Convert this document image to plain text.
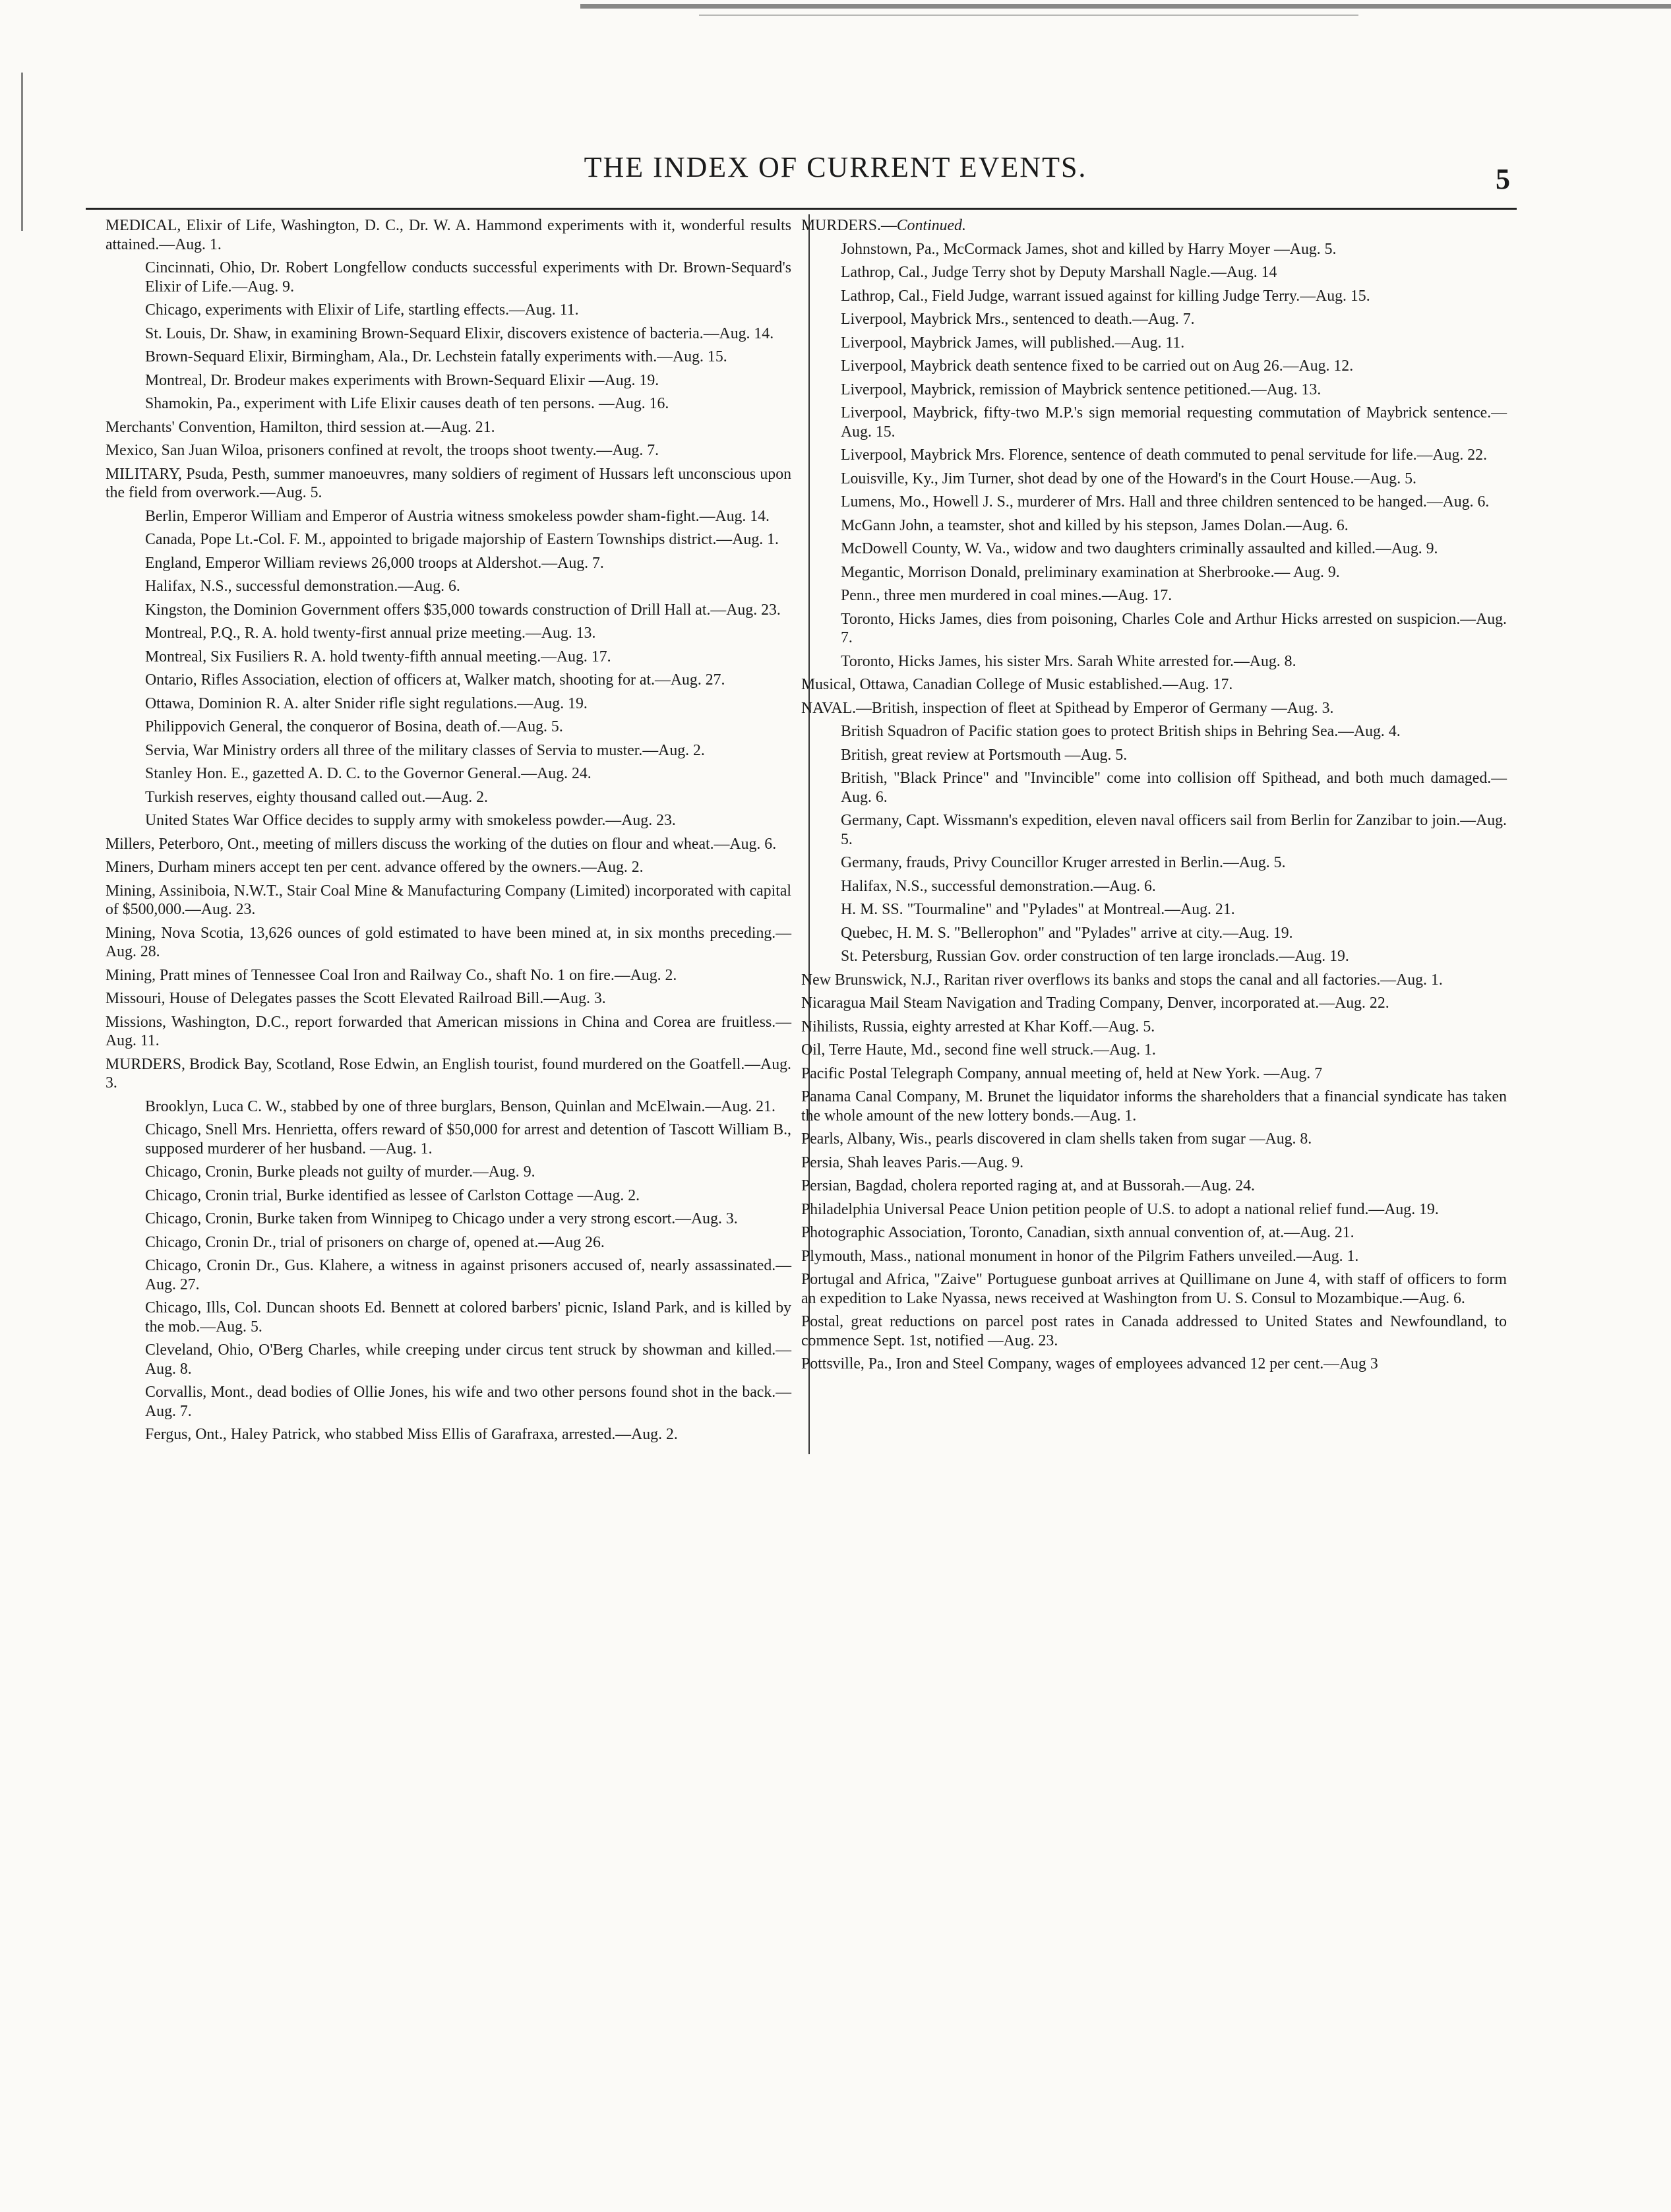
THE INDEX OF CURRENT EVENTS.	5

MEDICAL, Elixir of Life, Washington, D. C., Dr. W. A. Hammond experiments with it, wonderful results attained.—Aug. 1.

Cincinnati, Ohio, Dr. Robert Longfellow conducts successful experiments with Dr. Brown-Sequard's Elixir of Life.—Aug. 9.

Chicago, experiments with Elixir of Life, startling effects.—Aug. 11.

St. Louis, Dr. Shaw, in examining Brown-Sequard Elixir, discovers existence of bacteria.—Aug. 14.

Brown-Sequard Elixir, Birmingham, Ala., Dr. Lechstein fatally experiments with.—Aug. 15.

Montreal, Dr. Brodeur makes experiments with Brown-Sequard Elixir —Aug. 19.

Shamokin, Pa., experiment with Life Elixir causes death of ten persons. —Aug. 16.

Merchants' Convention, Hamilton, third session at.—Aug. 21.

Mexico, San Juan Wiloa, prisoners confined at revolt, the troops shoot twenty.—Aug. 7.

MILITARY, Psuda, Pesth, summer manoeuvres, many soldiers of regiment of Hussars left unconscious upon the field from overwork.—Aug. 5.

Berlin, Emperor William and Emperor of Austria witness smokeless powder sham-fight.—Aug. 14.

Canada, Pope Lt.-Col. F. M., appointed to brigade majorship of Eastern Townships district.—Aug. 1.

England, Emperor William reviews 26,000 troops at Aldershot.—Aug. 7.

Halifax, N.S., successful demonstration.—Aug. 6.

Kingston, the Dominion Government offers $35,000 towards construction of Drill Hall at.—Aug. 23.

Montreal, P.Q., R. A. hold twenty-first annual prize meeting.—Aug. 13.

Montreal, Six Fusiliers R. A. hold twenty-fifth annual meeting.—Aug. 17.

Ontario, Rifles Association, election of officers at, Walker match, shooting for at.—Aug. 27.

Ottawa, Dominion R. A. alter Snider rifle sight regulations.—Aug. 19.

Philippovich General, the conqueror of Bosina, death of.—Aug. 5.

Servia, War Ministry orders all three of the military classes of Servia to muster.—Aug. 2.

Stanley Hon. E., gazetted A. D. C. to the Governor General.—Aug. 24.

Turkish reserves, eighty thousand called out.—Aug. 2.

United States War Office decides to supply army with smokeless powder.—Aug. 23.

Millers, Peterboro, Ont., meeting of millers discuss the working of the duties on flour and wheat.—Aug. 6.

Miners, Durham miners accept ten per cent. advance offered by the owners.—Aug. 2.

Mining, Assiniboia, N.W.T., Stair Coal Mine & Manufacturing Company (Limited) incorporated with capital of $500,000.—Aug. 23.

Mining, Nova Scotia, 13,626 ounces of gold estimated to have been mined at, in six months preceding.—Aug. 28.

Mining, Pratt mines of Tennessee Coal Iron and Railway Co., shaft No. 1 on fire.—Aug. 2.

Missouri, House of Delegates passes the Scott Elevated Railroad Bill.—Aug. 3.

Missions, Washington, D.C., report forwarded that American missions in China and Corea are fruitless.—Aug. 11.

MURDERS, Brodick Bay, Scotland, Rose Edwin, an English tourist, found murdered on the Goatfell.—Aug. 3.

Brooklyn, Luca C. W., stabbed by one of three burglars, Benson, Quinlan and McElwain.—Aug. 21.

Chicago, Snell Mrs. Henrietta, offers reward of $50,000 for arrest and detention of Tascott William B., supposed murderer of her husband. —Aug. 1.

Chicago, Cronin, Burke pleads not guilty of murder.—Aug. 9.

Chicago, Cronin trial, Burke identified as lessee of Carlston Cottage —Aug. 2.

Chicago, Cronin, Burke taken from Winnipeg to Chicago under a very strong escort.—Aug. 3.

Chicago, Cronin Dr., trial of prisoners on charge of, opened at.—Aug 26.

Chicago, Cronin Dr., Gus. Klahere, a witness in against prisoners accused of, nearly assassinated.—Aug. 27.

Chicago, Ills, Col. Duncan shoots Ed. Bennett at colored barbers' picnic, Island Park, and is killed by the mob.—Aug. 5.

Cleveland, Ohio, O'Berg Charles, while creeping under circus tent struck by showman and killed.—Aug. 8.

Corvallis, Mont., dead bodies of Ollie Jones, his wife and two other persons found shot in the back.—Aug. 7.

Fergus, Ont., Haley Patrick, who stabbed Miss Ellis of Garafraxa, arrested.—Aug. 2.

MURDERS.—Continued.

Johnstown, Pa., McCormack James, shot and killed by Harry Moyer —Aug. 5.

Lathrop, Cal., Judge Terry shot by Deputy Marshall Nagle.—Aug. 14

Lathrop, Cal., Field Judge, warrant issued against for killing Judge Terry.—Aug. 15.

Liverpool, Maybrick Mrs., sentenced to death.—Aug. 7.

Liverpool, Maybrick James, will published.—Aug. 11.

Liverpool, Maybrick death sentence fixed to be carried out on Aug 26.—Aug. 12.

Liverpool, Maybrick, remission of Maybrick sentence petitioned.—Aug. 13.

Liverpool, Maybrick, fifty-two M.P.'s sign memorial requesting commutation of Maybrick sentence.—Aug. 15.

Liverpool, Maybrick Mrs. Florence, sentence of death commuted to penal servitude for life.—Aug. 22.

Louisville, Ky., Jim Turner, shot dead by one of the Howard's in the Court House.—Aug. 5.

Lumens, Mo., Howell J. S., murderer of Mrs. Hall and three children sentenced to be hanged.—Aug. 6.

McGann John, a teamster, shot and killed by his stepson, James Dolan.—Aug. 6.

McDowell County, W. Va., widow and two daughters criminally assaulted and killed.—Aug. 9.

Megantic, Morrison Donald, preliminary examination at Sherbrooke.— Aug. 9.

Penn., three men murdered in coal mines.—Aug. 17.

Toronto, Hicks James, dies from poisoning, Charles Cole and Arthur Hicks arrested on suspicion.—Aug. 7.

Toronto, Hicks James, his sister Mrs. Sarah White arrested for.—Aug. 8.

Musical, Ottawa, Canadian College of Music established.—Aug. 17.

NAVAL.—British, inspection of fleet at Spithead by Emperor of Germany —Aug. 3.

British Squadron of Pacific station goes to protect British ships in Behring Sea.—Aug. 4.

British, great review at Portsmouth —Aug. 5.

British, "Black Prince" and "Invincible" come into collision off Spithead, and both much damaged.—Aug. 6.

Germany, Capt. Wissmann's expedition, eleven naval officers sail from Berlin for Zanzibar to join.—Aug. 5.

Germany, frauds, Privy Councillor Kruger arrested in Berlin.—Aug. 5.

Halifax, N.S., successful demonstration.—Aug. 6.

H. M. SS. "Tourmaline" and "Pylades" at Montreal.—Aug. 21.

Quebec, H. M. S. "Bellerophon" and "Pylades" arrive at city.—Aug. 19.

St. Petersburg, Russian Gov. order construction of ten large ironclads.—Aug. 19.

New Brunswick, N.J., Raritan river overflows its banks and stops the canal and all factories.—Aug. 1.

Nicaragua Mail Steam Navigation and Trading Company, Denver, incorporated at.—Aug. 22.

Nihilists, Russia, eighty arrested at Khar Koff.—Aug. 5.

Oil, Terre Haute, Md., second fine well struck.—Aug. 1.

Pacific Postal Telegraph Company, annual meeting of, held at New York. —Aug. 7

Panama Canal Company, M. Brunet the liquidator informs the shareholders that a financial syndicate has taken the whole amount of the new lottery bonds.—Aug. 1.

Pearls, Albany, Wis., pearls discovered in clam shells taken from sugar —Aug. 8.

Persia, Shah leaves Paris.—Aug. 9.

Persian, Bagdad, cholera reported raging at, and at Bussorah.—Aug. 24.

Philadelphia Universal Peace Union petition people of U.S. to adopt a national relief fund.—Aug. 19.

Photographic Association, Toronto, Canadian, sixth annual convention of, at.—Aug. 21.

Plymouth, Mass., national monument in honor of the Pilgrim Fathers unveiled.—Aug. 1.

Portugal and Africa, "Zaive" Portuguese gunboat arrives at Quillimane on June 4, with staff of officers to form an expedition to Lake Nyassa, news received at Washington from U. S. Consul to Mozambique.—Aug. 6.

Postal, great reductions on parcel post rates in Canada addressed to United States and Newfoundland, to commence Sept. 1st, notified —Aug. 23.

Pottsville, Pa., Iron and Steel Company, wages of employees advanced 12 per cent.—Aug 3
